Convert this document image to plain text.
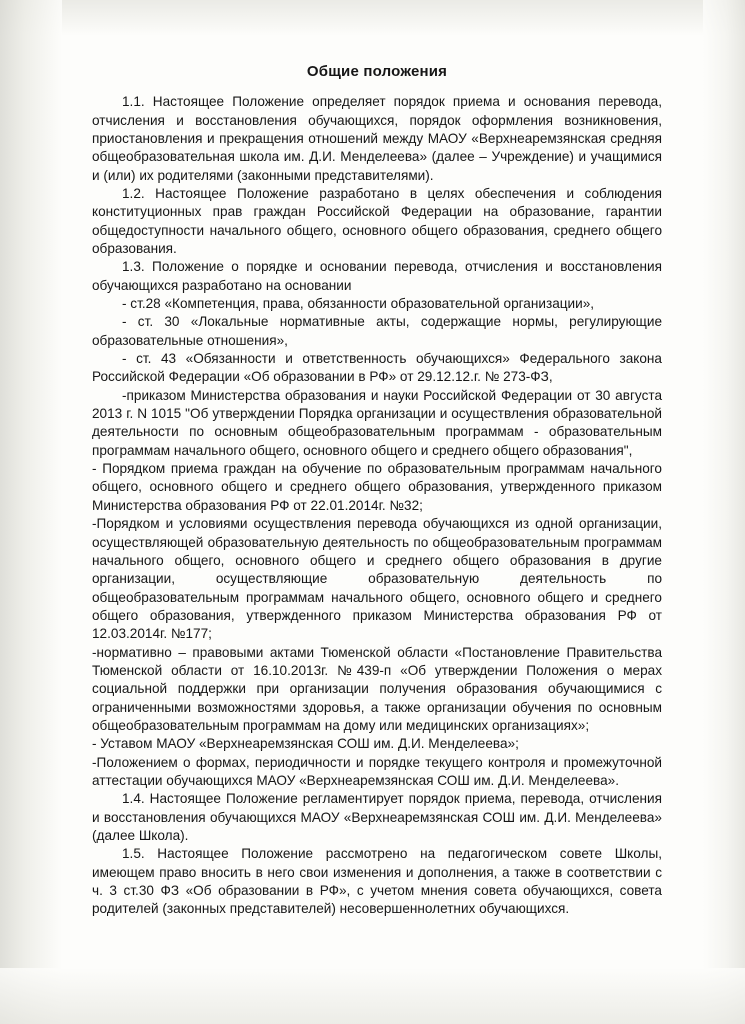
Общие положения

1.1. Настоящее Положение определяет порядок приема и основания перевода, отчисления и восстановления обучающихся, порядок оформления возникновения, приостановления и прекращения отношений между МАОУ «Верхнеаремзянская средняя общеобразовательная школа им. Д.И. Менделеева» (далее – Учреждение) и учащимися и (или) их родителями (законными представителями).

1.2. Настоящее Положение разработано в целях обеспечения и соблюдения конституционных прав граждан Российской Федерации на образование, гарантии общедоступности начального общего, основного общего образования, среднего общего образования.

1.3. Положение о порядке и основании перевода, отчисления и восстановления обучающихся разработано на основании

- ст.28 «Компетенция, права, обязанности образовательной организации»,

- ст. 30 «Локальные нормативные акты, содержащие нормы, регулирующие образовательные отношения»,

- ст. 43 «Обязанности и ответственность обучающихся» Федерального закона Российской Федерации «Об образовании в РФ» от 29.12.12.г. № 273-ФЗ,

-приказом Министерства образования и науки Российской Федерации от 30 августа 2013 г. N 1015 "Об утверждении Порядка организации и осуществления образовательной деятельности по основным общеобразовательным программам - образовательным программам начального общего, основного общего и среднего общего образования",

- Порядком приема граждан на обучение по образовательным программам начального общего, основного общего и среднего общего образования, утвержденного приказом Министерства образования РФ от 22.01.2014г. №32;

-Порядком и условиями осуществления перевода обучающихся из одной организации, осуществляющей образовательную деятельность по общеобразовательным программам начального общего, основного общего и среднего общего образования в другие организации, осуществляющие образовательную деятельность по общеобразовательным программам начального общего, основного общего и среднего общего образования, утвержденного приказом Министерства образования РФ от 12.03.2014г. №177;

-нормативно – правовыми актами Тюменской области «Постановление Правительства Тюменской области от 16.10.2013г. №439-п «Об утверждении Положения о мерах социальной поддержки при организации получения образования обучающимися с ограниченными возможностями здоровья, а также организации обучения по основным общеобразовательным программам на дому или медицинских организациях»;

- Уставом МАОУ «Верхнеаремзянская СОШ им. Д.И. Менделеева»;

-Положением о формах, периодичности и порядке текущего контроля и промежуточной аттестации обучающихся МАОУ «Верхнеаремзянская СОШ им. Д.И. Менделеева».

1.4. Настоящее Положение регламентирует порядок приема, перевода, отчисления и восстановления обучающихся МАОУ «Верхнеаремзянская СОШ им. Д.И. Менделеева» (далее Школа).

1.5. Настоящее Положение рассмотрено на педагогическом совете Школы, имеющем право вносить в него свои изменения и дополнения, а также в соответствии с ч. 3 ст.30 ФЗ «Об образовании в РФ», с учетом мнения совета обучающихся, совета родителей (законных представителей) несовершеннолетних обучающихся.
